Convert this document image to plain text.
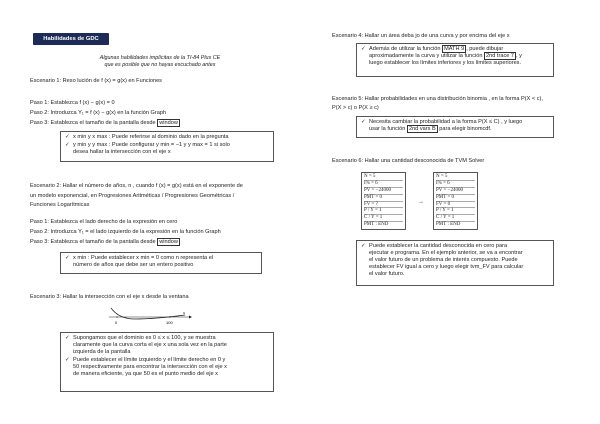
Habilidades de GDC
Algunas habilidades implícitas de la TI-84 Plus CE
que es posible que no hayas escuchado antes
Escenario 1: Reso lución de f (x) = g(x) en Funciones
Paso 1: Establezca f (x) − g(x) = 0
Paso 2: Introduzca Y₁ = f (x) − g(x) en la función Graph
Paso 3: Establezca el tamaño de la pantalla desde window
✓ x min y x max : Puede referirse al dominio dado en la pregunta
✓ y min y y max : Puede configurar y min = −1 y y max = 1 si solo
desea hallar la intersección con el eje x
Escenario 2: Hallar el número de años, n , cuando f (x) = g(x) está en el exponente de
un modelo exponencial, en Progresiones Aritméticas / Progresiones Geométricas /
Funciones Logarítmicas
Paso 1: Establezca el lado derecho de la expresión en cero
Paso 2: Introduzca Y₁ = el lado izquierdo de la expresión en la función Graph
Paso 3: Establezca el tamaño de la pantalla desde window
✓ x min : Puede establecer x min = 0 como n representa el
número de años que debe ser un entero positivo
Escenario 3: Hallar la intersección con el eje x desde la ventana
0	100
x
✓ Supongamos que el dominio es 0 ≤ x ≤ 100, y se muestra
claramente que la curva corta el eje x una sola vez en la parte
izquierda de la pantalla
✓ Puede establecer el límite izquierdo y el límite derecho en 0 y
50 respectivamente para encontrar la intersección con el eje x
de manera eficiente, ya que 50 es el punto medio del eje x
Escenario 4: Hallar un área deba jo de una curva y por encima del eje x
✓ Además de utilizar la función MATH 9 , puede dibujar
aproximadamente la curva y utilizar la función 2nd trace 7 , y
luego establecer los límites inferiores y los límites superiores.
Escenario 5: Hallar probabilidades en una distribución binomia , en la forma P(X < c),
P(X > c) o P(X ≥ c)
✓ Necesita cambiar la probabilidad a la forma P(X ≤ C) , y luego
usar la función 2nd vars B para elegir binomcdf.
Escenario 6: Hallar una cantidad desconocida de TVM Solver
N = 5
I% = 6
PV = −24000
PMT = 0
FV = ?
P / Y = 1
C / Y = 1
PMT : END
→
N = 5
I% = 6
PV = −24000
PMT = 0
FV = 0
P / Y = 1
C / Y = 1
PMT : END
✓ Puede establecer la cantidad desconocida en cero para
ejecutar e programa. En el ejemplo anterior, se va a encontrar
el valor futuro de un problema de interés compuesto. Puede
establecer FV igual a cero y luego elegir tvm_FV para calcular
el valor futuro.
